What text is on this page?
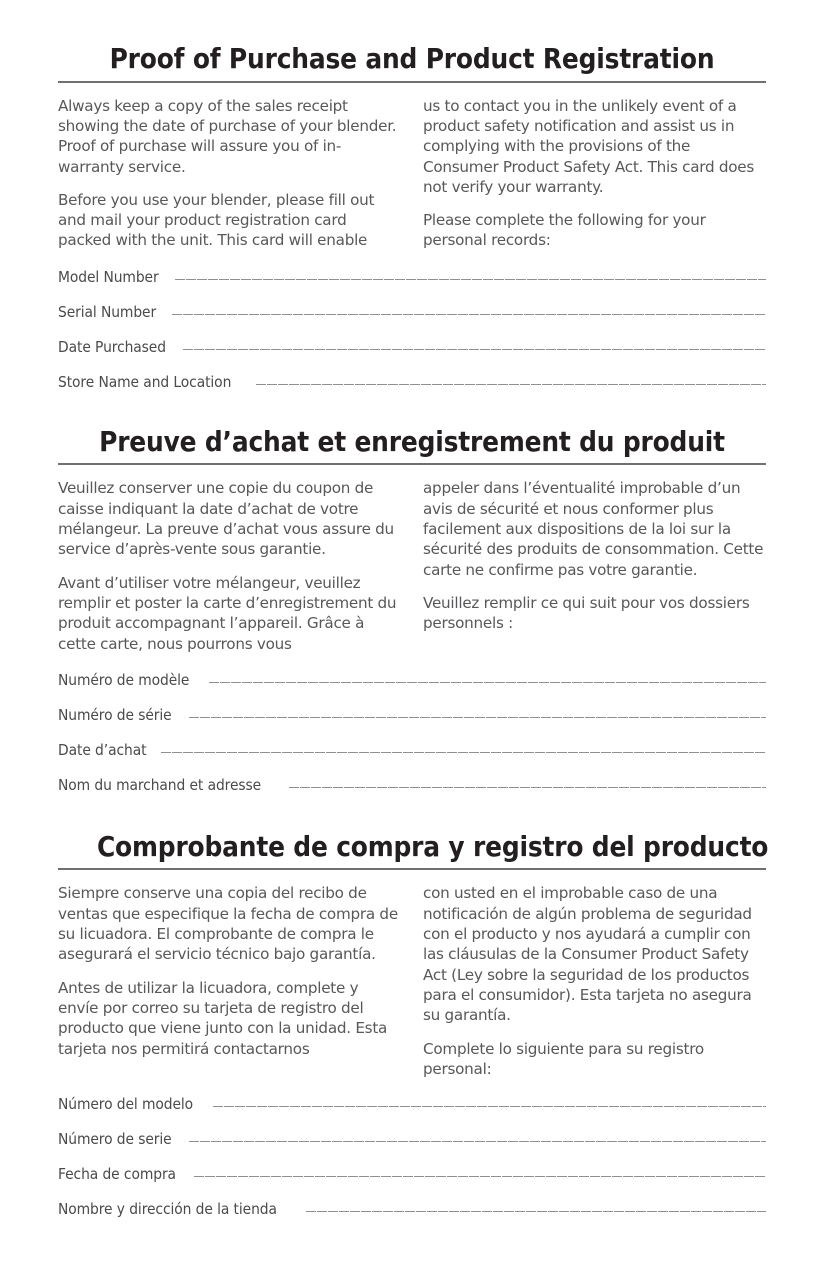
Proof of Purchase and Product Registration

Always keep a copy of the sales receipt showing the date of purchase of your blender. Proof of purchase will assure you of in-warranty service.

Before you use your blender, please fill out and mail your product registration card packed with the unit. This card will enable

us to contact you in the unlikely event of a product safety notification and assist us in complying with the provisions of the Consumer Product Safety Act. This card does not verify your warranty.

Please complete the following for your personal records:

Model Number
Serial Number
Date Purchased
Store Name and Location
Preuve d’achat et enregistrement du produit

Veuillez conserver une copie du coupon de caisse indiquant la date d’achat de votre mélangeur. La preuve d’achat vous assure du service d’après-vente sous garantie.

Avant d’utiliser votre mélangeur, veuillez remplir et poster la carte d’enregistrement du produit accompagnant l’appareil. Grâce à cette carte, nous pourrons vous

appeler dans l’éventualité improbable d’un avis de sécurité et nous conformer plus facilement aux dispositions de la loi sur la sécurité des produits de consommation. Cette carte ne confirme pas votre garantie.

Veuillez remplir ce qui suit pour vos dossiers personnels :

Numéro de modèle
Numéro de série
Date d’achat
Nom du marchand et adresse
Comprobante de compra y registro del producto

Siempre conserve una copia del recibo de ventas que especifique la fecha de compra de su licuadora. El comprobante de compra le asegurará el servicio técnico bajo garantía.

Antes de utilizar la licuadora, complete y envíe por correo su tarjeta de registro del producto que viene junto con la unidad. Esta tarjeta nos permitirá contactarnos

con usted en el improbable caso de una notificación de algún problema de seguridad con el producto y nos ayudará a cumplir con las cláusulas de la Consumer Product Safety Act (Ley sobre la seguridad de los productos para el consumidor). Esta tarjeta no asegura su garantía.

Complete lo siguiente para su registro personal:

Número del modelo
Número de serie
Fecha de compra
Nombre y dirección de la tienda
